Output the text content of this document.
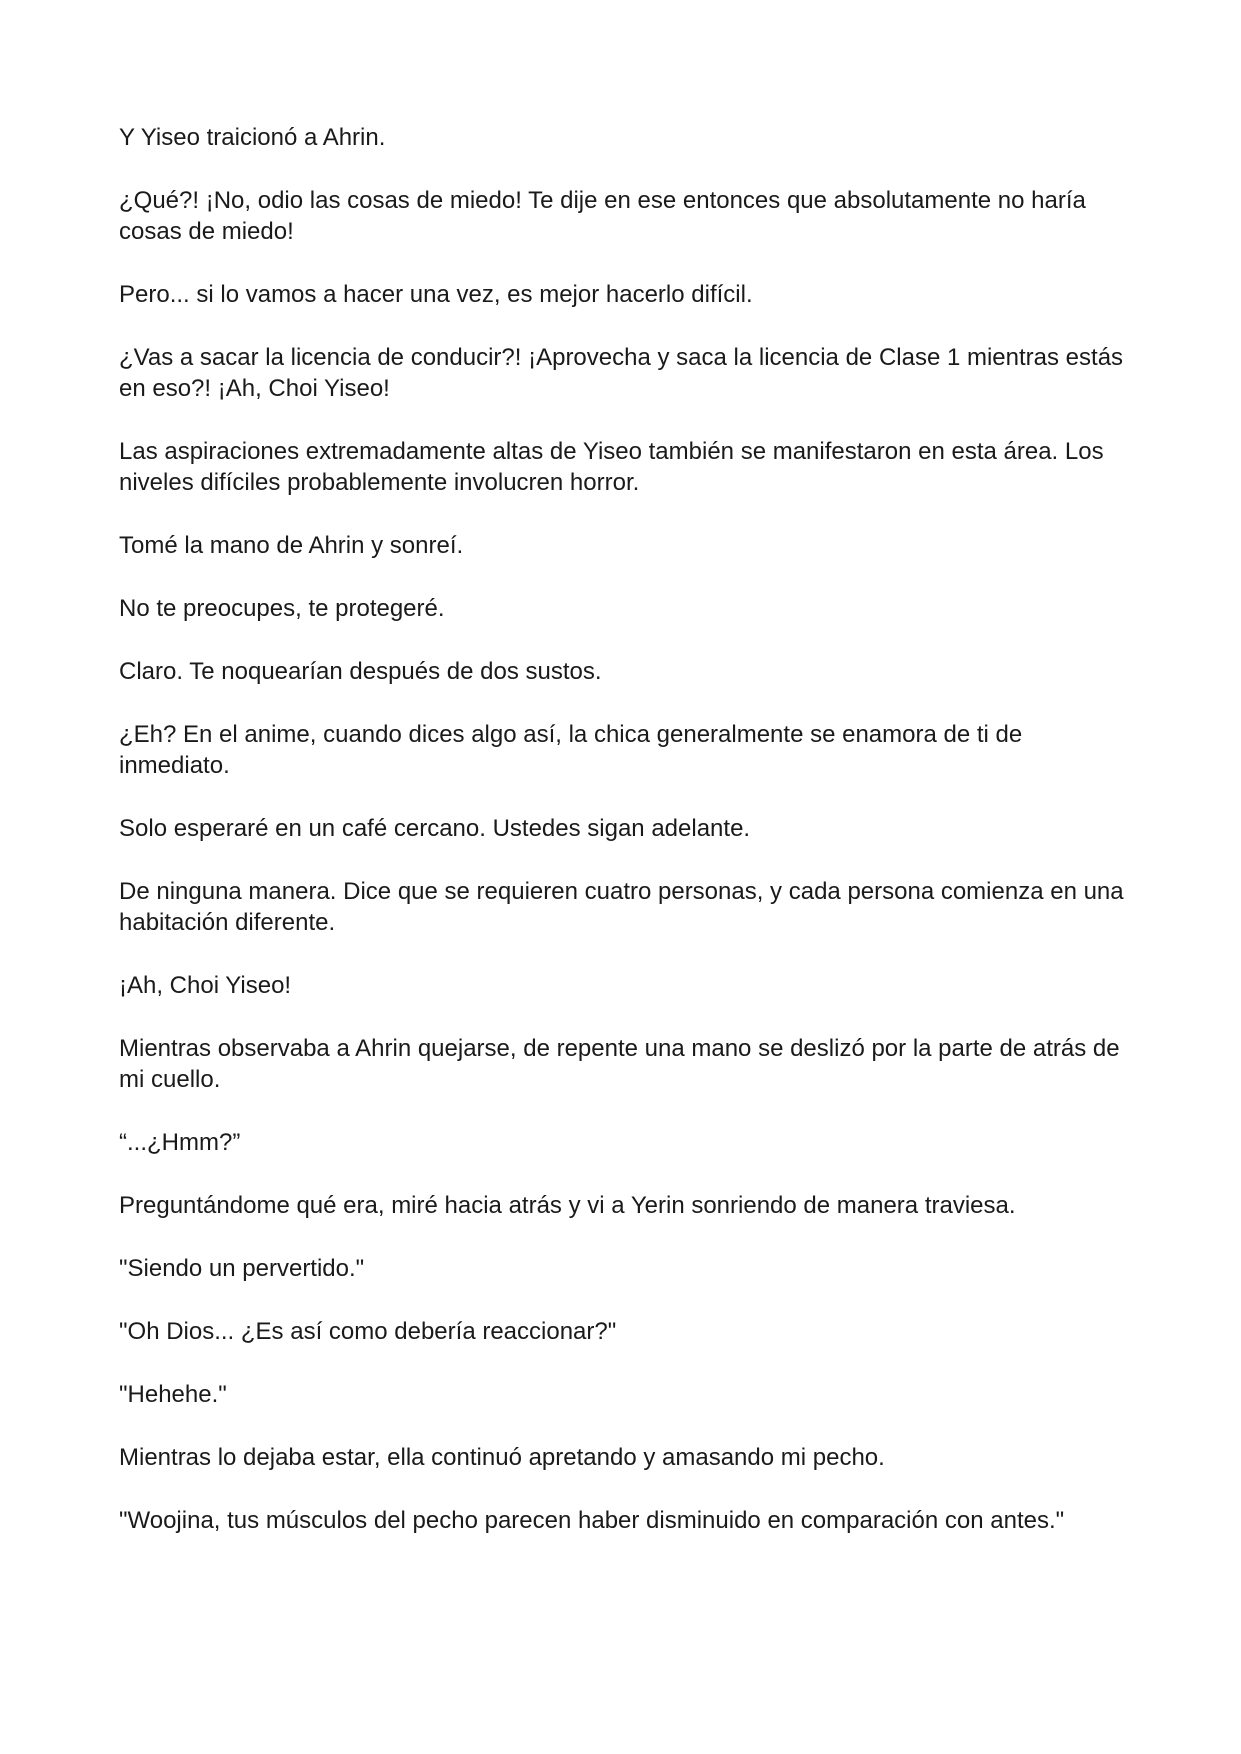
Y Yiseo traicionó a Ahrin.

¿Qué?! ¡No, odio las cosas de miedo! Te dije en ese entonces que absolutamente no haría cosas de miedo!

Pero... si lo vamos a hacer una vez, es mejor hacerlo difícil.

¿Vas a sacar la licencia de conducir?! ¡Aprovecha y saca la licencia de Clase 1 mientras estás en eso?! ¡Ah, Choi Yiseo!

Las aspiraciones extremadamente altas de Yiseo también se manifestaron en esta área. Los niveles difíciles probablemente involucren horror.

Tomé la mano de Ahrin y sonreí.

No te preocupes, te protegeré.

Claro. Te noquearían después de dos sustos.

¿Eh? En el anime, cuando dices algo así, la chica generalmente se enamora de ti de inmediato.

Solo esperaré en un café cercano. Ustedes sigan adelante.

De ninguna manera. Dice que se requieren cuatro personas, y cada persona comienza en una habitación diferente.

¡Ah, Choi Yiseo!

Mientras observaba a Ahrin quejarse, de repente una mano se deslizó por la parte de atrás de mi cuello.

“...¿Hmm?”

Preguntándome qué era, miré hacia atrás y vi a Yerin sonriendo de manera traviesa.

"Siendo un pervertido."

"Oh Dios... ¿Es así como debería reaccionar?"

"Hehehe."

Mientras lo dejaba estar, ella continuó apretando y amasando mi pecho.

"Woojina, tus músculos del pecho parecen haber disminuido en comparación con antes."
